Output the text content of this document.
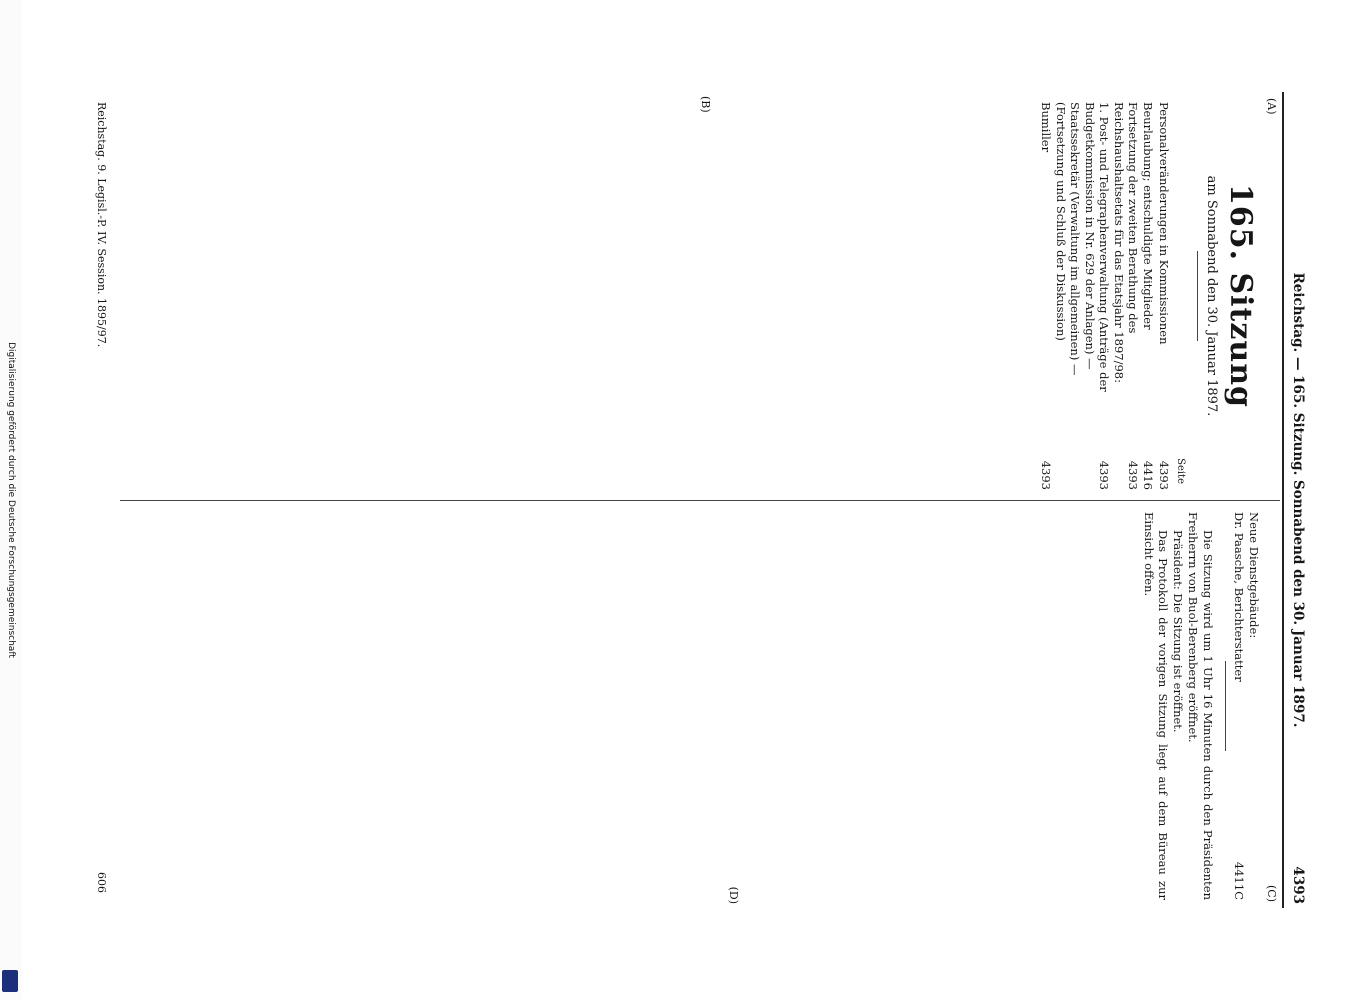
Digitalisierung gefördert durch die Deutsche Forschungsgemeinschaft	Reichstag. — 165. Sitzung. Sonnabend den 30. Januar 1897.
4393
(A)
(C)
(B)
(D)
165. Sitzung
am Sonnabend den 30. Januar 1897.
Seite
Personalveränderungen in Kommissionen
4393
Beurlaubung; entschuldigte Mitglieder
4416
Fortsetzung der zweiten Berathung des Reichshaushaltsetats für das Etatsjahr 1897/98:
4393
1. Post- und Telegraphenverwaltung (Anträge der Budgetkommission in Nr. 629 der Anlagen) — Staatssekretär (Verwaltung im allgemeinen) — (Fortsetzung und Schluß der Diskussion)
4393
Bumiller
4393
Neue Dienstgebäude:
Dr. Paasche, Berichterstatter
4411C

Die Sitzung wird um 1 Uhr 16 Minuten durch den Präsidenten Freiherrn von Buol-Berenberg eröffnet.

Präsident: Die Sitzung ist eröffnet.

Das Protokoll der vorigen Sitzung liegt auf dem Büreau zur Einsicht offen.

Reichstag. 9. Legisl.-P. IV. Session. 1895/97.
606
